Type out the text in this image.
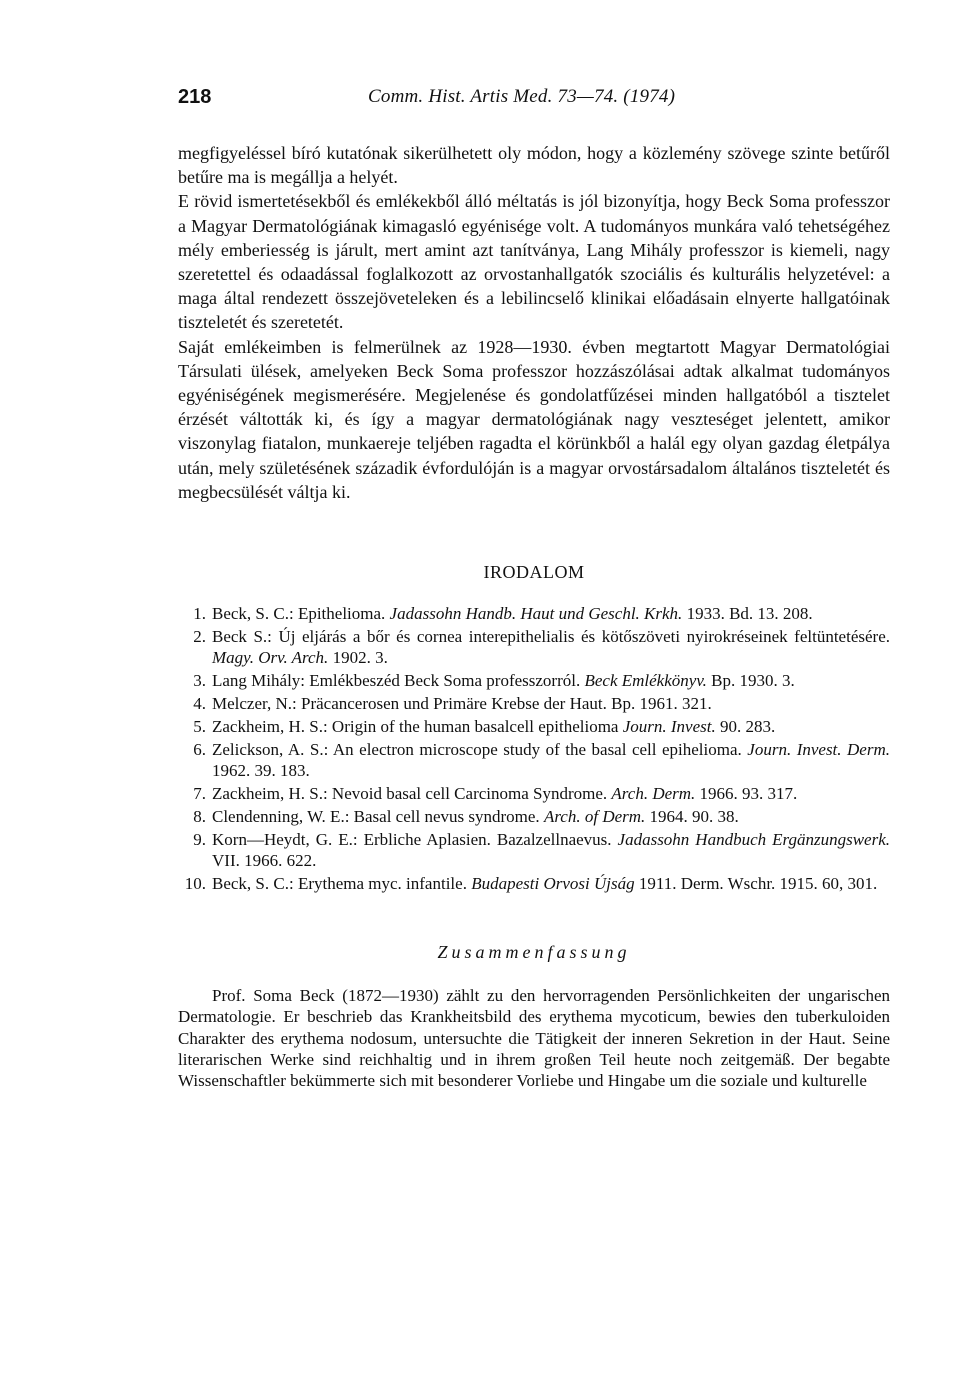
218	Comm. Hist. Artis Med. 73—74. (1974)

megfigyeléssel bíró kutatónak sikerülhetett oly módon, hogy a közlemény szövege szinte betűről betűre ma is megállja a helyét.

E rövid ismertetésekből és emlékekből álló méltatás is jól bizonyítja, hogy Beck Soma professzor a Magyar Dermatológiának kimagasló egyénisége volt. A tudományos munkára való tehetségéhez mély emberiesség is járult, mert amint azt tanítványa, Lang Mihály professzor is kiemeli, nagy szeretettel és odaadással foglalkozott az orvostanhallgatók szociális és kulturális helyzetével: a maga által rendezett összejöveteleken és a lebilincselő klinikai előadásain elnyerte hallgatóinak tiszteletét és szeretetét.

Saját emlékeimben is felmerülnek az 1928—1930. évben megtartott Magyar Dermatológiai Társulati ülések, amelyeken Beck Soma professzor hozzászólásai adtak alkalmat tudományos egyéniségének megismerésére. Megjelenése és gondolatfűzései minden hallgatóból a tisztelet érzését váltották ki, és így a magyar dermatológiának nagy veszteséget jelentett, amikor viszonylag fiatalon, munkaereje teljében ragadta el körünkből a halál egy olyan gazdag életpálya után, mely születésének századik évfordulóján is a magyar orvostársadalom általános tiszteletét és megbecsülését váltja ki.

IRODALOM
1. Beck, S. C.: Epithelioma. Jadassohn Handb. Haut und Geschl. Krkh. 1933. Bd. 13. 208.
2. Beck S.: Új eljárás a bőr és cornea interepithelialis és kötőszöveti nyirokréseinek feltüntetésére. Magy. Orv. Arch. 1902. 3.
3. Lang Mihály: Emlékbeszéd Beck Soma professzorról. Beck Emlékkönyv. Bp. 1930. 3.
4. Melczer, N.: Präcancerosen und Primäre Krebse der Haut. Bp. 1961. 321.
5. Zackheim, H. S.: Origin of the human basalcell epithelioma Journ. Invest. 90. 283.
6. Zelickson, A. S.: An electron microscope study of the basal cell epihelioma. Journ. Invest. Derm. 1962. 39. 183.
7. Zackheim, H. S.: Nevoid basal cell Carcinoma Syndrome. Arch. Derm. 1966. 93. 317.
8. Clendenning, W. E.: Basal cell nevus syndrome. Arch. of Derm. 1964. 90. 38.
9. Korn—Heydt, G. E.: Erbliche Aplasien. Bazalzellnaevus. Jadassohn Handbuch Ergänzungswerk. VII. 1966. 622.
10. Beck, S. C.: Erythema myc. infantile. Budapesti Orvosi Újság 1911. Derm. Wschr. 1915. 60, 301.
Zusammenfassung

Prof. Soma Beck (1872—1930) zählt zu den hervorragenden Persönlichkeiten der ungarischen Dermatologie. Er beschrieb das Krankheitsbild des erythema mycoticum, bewies den tuberkuloiden Charakter des erythema nodosum, untersuchte die Tätigkeit der inneren Sekretion in der Haut. Seine literarischen Werke sind reichhaltig und in ihrem großen Teil heute noch zeitgemäß. Der begabte Wissenschaftler bekümmerte sich mit besonderer Vorliebe und Hingabe um die soziale und kulturelle
